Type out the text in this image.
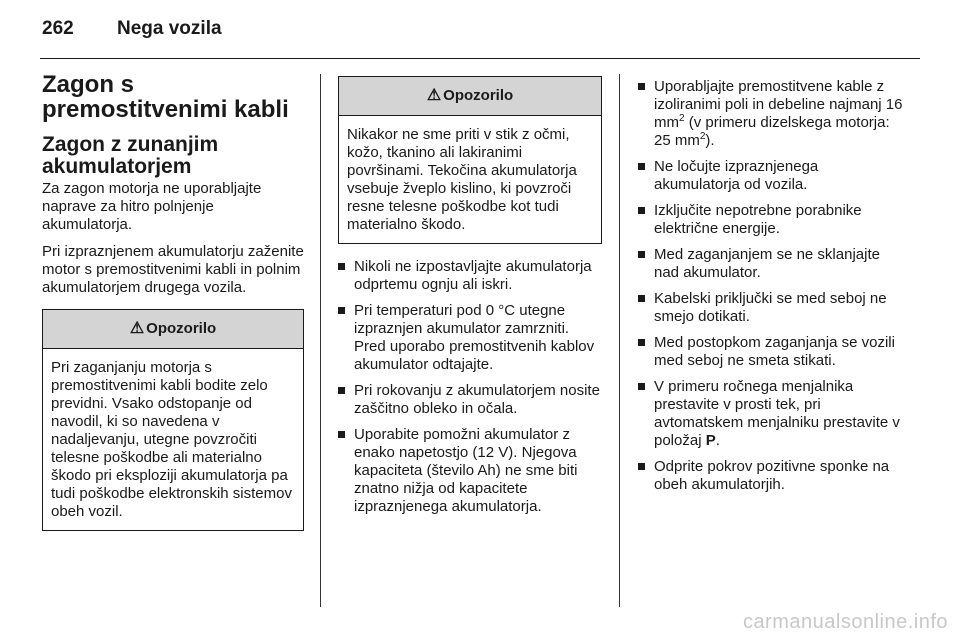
262 Nega vozila
Zagon s premostitvenimi kabli
Zagon z zunanjim akumulatorjem

Za zagon motorja ne uporabljajte naprave za hitro polnjenje akumulatorja.

Pri izpraznjenem akumulatorju zaženite motor s premostitvenimi kabli in polnim akumulatorjem drugega vozila.

⚠ Opozorilo
Pri zaganjanju motorja s premostitvenimi kabli bodite zelo previdni. Vsako odstopanje od navodil, ki so navedena v nadaljevanju, utegne povzročiti telesne poškodbe ali materialno škodo pri eksploziji akumulatorja pa tudi poškodbe elektronskih sistemov obeh vozil.
⚠ Opozorilo
Nikakor ne sme priti v stik z očmi, kožo, tkanino ali lakiranimi površinami. Tekočina akumulatorja vsebuje žveplo kislino, ki povzroči resne telesne poškodbe kot tudi materialno škodo.
Nikoli ne izpostavljajte akumulatorja odprtemu ognju ali iskri.
Pri temperaturi pod 0 °C utegne izpraznjen akumulator zamrzniti. Pred uporabo premostitvenih kablov akumulator odtajajte.
Pri rokovanju z akumulatorjem nosite zaščitno obleko in očala.
Uporabite pomožni akumulator z enako napetostjo (12 V). Njegova kapaciteta (število Ah) ne sme biti znatno nižja od kapacitete izpraznjenega akumulatorja.
Uporabljajte premostitvene kable z izoliranimi poli in debeline najmanj 16 $mm^2$ (v primeru dizelskega motorja: 25 $mm^2$).
Ne ločujte izpraznjenega akumulatorja od vozila.
Izključite nepotrebne porabnike električne energije.
Med zaganjanjem se ne sklanjajte nad akumulator.
Kabelski priključki se med seboj ne smejo dotikati.
Med postopkom zaganjanja se vozili med seboj ne smeta stikati.
V primeru ročnega menjalnika prestavite v prosti tek, pri avtomatskem menjalniku prestavite v položaj P.
Odprite pokrov pozitivne sponke na obeh akumulatorjih.
carmanualsonline.info
